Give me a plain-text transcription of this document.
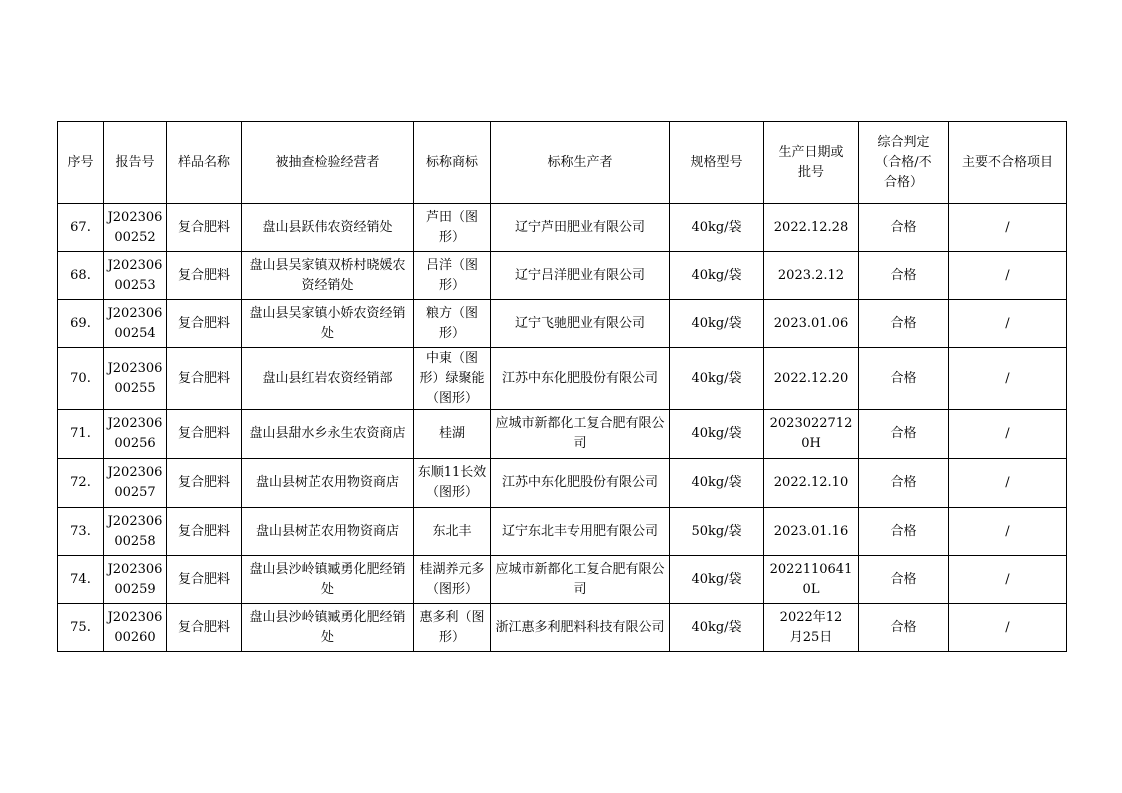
序号	报告号	样品名称	被抽查检验经营者	标称商标	标称生产者	规格型号	生产日期或批号	综合判定（合格/不合格）	主要不合格项目
67.	J20230600252	复合肥料	盘山县跃伟农资经销处	芦田（图形）	辽宁芦田肥业有限公司	40kg/袋	2022.12.28	合格	/
68.	J20230600253	复合肥料	盘山县吴家镇双桥村晓媛农资经销处	吕洋（图形）	辽宁吕洋肥业有限公司	40kg/袋	2023.2.12	合格	/
69.	J20230600254	复合肥料	盘山县吴家镇小娇农资经销处	粮方（图形）	辽宁飞驰肥业有限公司	40kg/袋	2023.01.06	合格	/
70.	J20230600255	复合肥料	盘山县红岩农资经销部	中東（图形）绿聚能（图形）	江苏中东化肥股份有限公司	40kg/袋	2022.12.20	合格	/
71.	J20230600256	复合肥料	盘山县甜水乡永生农资商店	桂湖	应城市新都化工复合肥有限公司	40kg/袋	20230227120H	合格	/
72.	J20230600257	复合肥料	盘山县树芷农用物资商店	东顺11长效（图形）	江苏中东化肥股份有限公司	40kg/袋	2022.12.10	合格	/
73.	J20230600258	复合肥料	盘山县树芷农用物资商店	东北丰	辽宁东北丰专用肥有限公司	50kg/袋	2023.01.16	合格	/
74.	J20230600259	复合肥料	盘山县沙岭镇臧勇化肥经销处	桂湖养元多（图形）	应城市新都化工复合肥有限公司	40kg/袋	20221106410L	合格	/
75.	J20230600260	复合肥料	盘山县沙岭镇臧勇化肥经销处	惠多利（图形）	浙江惠多利肥料科技有限公司	40kg/袋	2022年12月25日	合格	/
